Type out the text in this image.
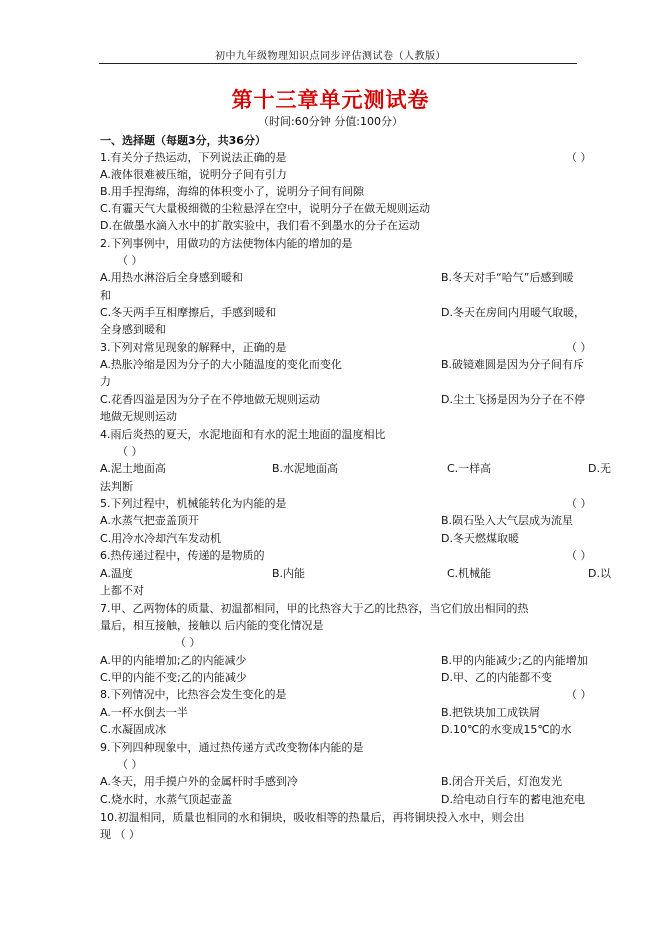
初中九年级物理知识点同步评估测试卷（人教版）
第十三章单元测试卷
（时间:60分钟 分值:100分）
一、选择题（每题3分，共36分）
1.有关分子热运动，下列说法正确的是	（ ）
A.液体很难被压缩，说明分子间有引力
B.用手捏海绵，海绵的体积变小了，说明分子间有间隙
C.有霾天气大量极细微的尘粒悬浮在空中，说明分子在做无规则运动
D.在做墨水滴入水中的扩散实验中，我们看不到墨水的分子在运动
2.下列事例中，用做功的方法使物体内能的增加的是
（ ）
A.用热水淋浴后全身感到暖和	B.冬天对手“哈气”后感到暖
和
C.冬天两手互相摩擦后，手感到暖和	D.冬天在房间内用暖气取暖，
全身感到暖和
3.下列对常见现象的解释中，正确的是	（ ）
A.热胀冷缩是因为分子的大小随温度的变化而变化	B.破镜难圆是因为分子间有斥
力
C.花香四溢是因为分子在不停地做无规则运动	D.尘土飞扬是因为分子在不停
地做无规则运动
4.雨后炎热的夏天，水泥地面和有水的泥土地面的温度相比
（ ）
A.泥土地面高	B.水泥地面高	C.一样高	D.无
法判断
5.下列过程中，机械能转化为内能的是	（ ）
A.水蒸气把壶盖顶开	B.陨石坠入大气层成为流星
C.用冷水冷却汽车发动机	D.冬天燃煤取暖
6.热传递过程中，传递的是物质的	（ ）
A.温度	B.内能	C.机械能	D.以
上都不对
7.甲、乙两物体的质量、初温都相同，甲的比热容大于乙的比热容，当它们放出相同的热
量后，相互接触，接触以 后内能的变化情况是
（ ）
A.甲的内能增加;乙的内能减少	B.甲的内能减少;乙的内能增加
C.甲的内能不变;乙的内能减少	D.甲、乙的内能都不变
8.下列情况中，比热容会发生变化的是	（ ）
A.一杯水倒去一半	B.把铁块加工成铁屑
C.水凝固成冰	D.10℃的水变成15℃的水
9.下列四种现象中，通过热传递方式改变物体内能的是
（ ）
A.冬天，用手摸户外的金属杆时手感到冷	B.闭合开关后，灯泡发光
C.烧水时，水蒸气顶起壶盖	D.给电动自行车的蓄电池充电
10.初温相同，质量也相同的水和铜块，吸收相等的热量后，再将铜块投入水中，则会出
现 （ ）
